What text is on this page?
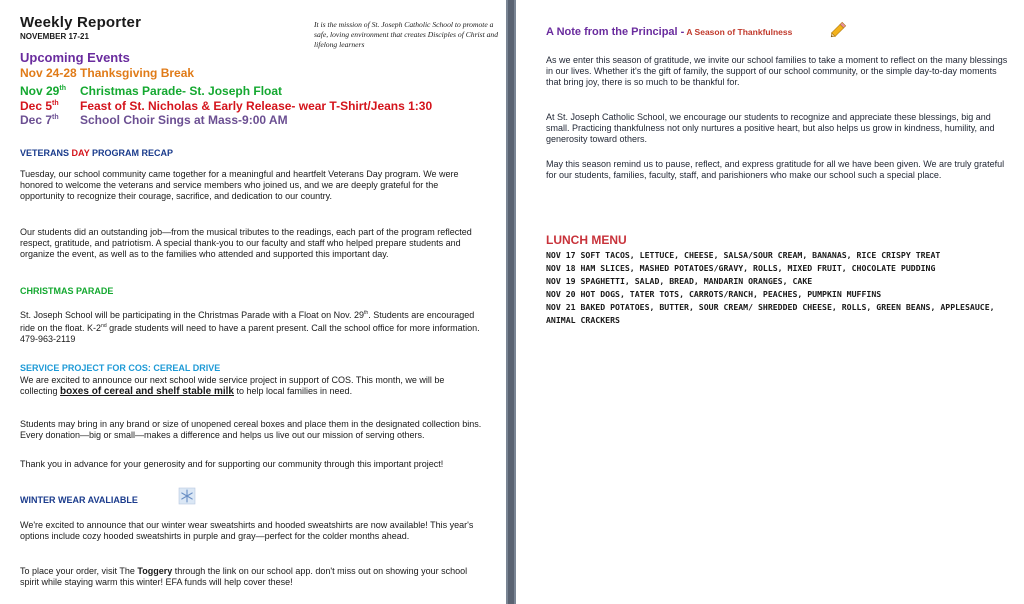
Weekly Reporter
NOVEMBER 17-21
It is the mission of St. Joseph Catholic School to promote a safe, loving environment that creates Disciples of Christ and lifelong learners
Upcoming Events
Nov 24-28 Thanksgiving Break
Nov 29th Christmas Parade- St. Joseph Float
Dec 5th Feast of St. Nicholas & Early Release- wear T-Shirt/Jeans 1:30
Dec 7th School Choir Sings at Mass-9:00 AM
VETERANS DAY PROGRAM RECAP
Tuesday, our school community came together for a meaningful and heartfelt Veterans Day program. We were honored to welcome the veterans and service members who joined us, and we are deeply grateful for the opportunity to recognize their courage, sacrifice, and dedication to our country.
Our students did an outstanding job—from the musical tributes to the readings, each part of the program reflected respect, gratitude, and patriotism. A special thank-you to our faculty and staff who helped prepare students and organize the event, as well as to the families who attended and supported this important day.
CHRISTMAS PARADE
St. Joseph School will be participating in the Christmas Parade with a Float on Nov. 29th. Students are encouraged ride on the float. K-2nd grade students will need to have a parent present. Call the school office for more information. 479-963-2119
SERVICE PROJECT FOR COS: CEREAL DRIVE
We are excited to announce our next school wide service project in support of COS. This month, we will be collecting boxes of cereal and shelf stable milk to help local families in need.
Students may bring in any brand or size of unopened cereal boxes and place them in the designated collection bins. Every donation—big or small—makes a difference and helps us live out our mission of serving others.
Thank you in advance for your generosity and for supporting our community through this important project!
WINTER WEAR AVALIABLE
We're excited to announce that our winter wear sweatshirts and hooded sweatshirts are now available! This year's options include cozy hooded sweatshirts in purple and gray—perfect for the colder months ahead.
To place your order, visit The Toggery through the link on our school app. don't miss out on showing your school spirit while staying warm this winter! EFA funds will help cover these!
A Note from the Principal - A Season of Thankfulness
As we enter this season of gratitude, we invite our school families to take a moment to reflect on the many blessings in our lives. Whether it's the gift of family, the support of our school community, or the simple day-to-day moments that bring joy, there is so much to be thankful for.
At St. Joseph Catholic School, we encourage our students to recognize and appreciate these blessings, big and small. Practicing thankfulness not only nurtures a positive heart, but also helps us grow in kindness, humility, and generosity toward others.
May this season remind us to pause, reflect, and express gratitude for all we have been given. We are truly grateful for our students, families, faculty, staff, and parishioners who make our school such a special place.
LUNCH MENU
NOV 17 SOFT TACOS, LETTUCE, CHEESE, SALSA/SOUR CREAM, BANANAS, RICE CRISPY TREAT
NOV 18 HAM SLICES, MASHED POTATOES/GRAVY, ROLLS, MIXED FRUIT, CHOCOLATE PUDDING
NOV 19 SPAGHETTI, SALAD, BREAD, MANDARIN ORANGES, CAKE
NOV 20 HOT DOGS, TATER TOTS, CARROTS/RANCH, PEACHES, PUMPKIN MUFFINS
NOV 21 BAKED POTATOES, BUTTER, SOUR CREAM/ SHREDDED CHEESE, ROLLS, GREEN BEANS, APPLESAUCE, ANIMAL CRACKERS
